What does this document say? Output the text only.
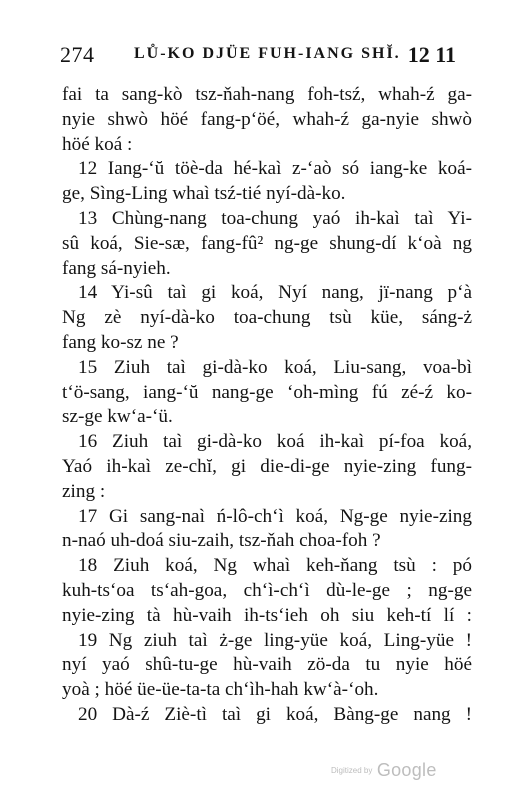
274 LŮ-KO DJÜE FUH-IANG SHĬ. 12 11
fai ta sang-kò tsz-ňah-nang foh-tsź, whah-ź ga-
nyie shwò höé fang-p‘öé, whah-ź ga-nyie shwò
höé koá :
12 Iang-‘ŭ töè-da hé-kaì z-‘aò só iang-ke koá-
ge, Sìng-Ling whaì tsź-tié nyí-dà-ko.
13 Chùng-nang toa-chung yaó ih-kaì taì Yi-
sû koá, Sie-sæ, fang-fû² ng-ge shung-dí k‘oà ng
fang sá-nyieh.
14 Yi-sû taì gi koá, Nyí nang, jï-nang p‘à
Ng zè nyí-dà-ko toa-chung tsù küe, sáng-ż
fang ko-sz ne ?
15 Ziuh taì gi-dà-ko koá, Liu-sang, voa-bì
t‘ö-sang, iang-‘ŭ nang-ge ‘oh-mìng fú zé-ź ko-
sz-ge kw‘a-‘ü.
16 Ziuh taì gi-dà-ko koá ih-kaì pí-foa koá,
Yaó ih-kaì ze-chĭ, gi die-di-ge nyie-zing fung-
zing :
17 Gi sang-naì ń-lô-ch‘ì koá, Ng-ge nyie-zing
n-naó uh-doá siu-zaih, tsz-ňah choa-foh ?
18 Ziuh koá, Ng whaì keh-ňang tsù : pó
kuh-ts‘oa ts‘ah-goa, ch‘ì-ch‘ì dù-le-ge ; ng-ge
nyie-zing tà hù-vaih ih-ts‘ieh oh siu keh-tí lí :
19 Ng ziuh taì ż-ge ling-yüe koá, Ling-yüe !
nyí yaó shû-tu-ge hù-vaih zö-da tu nyie höé
yoà ; höé üe-üe-ta-ta ch‘ìh-hah kw‘à-‘oh.
20 Dà-ź Ziè-tì taì gi koá, Bàng-ge nang !
Digitized by Google
